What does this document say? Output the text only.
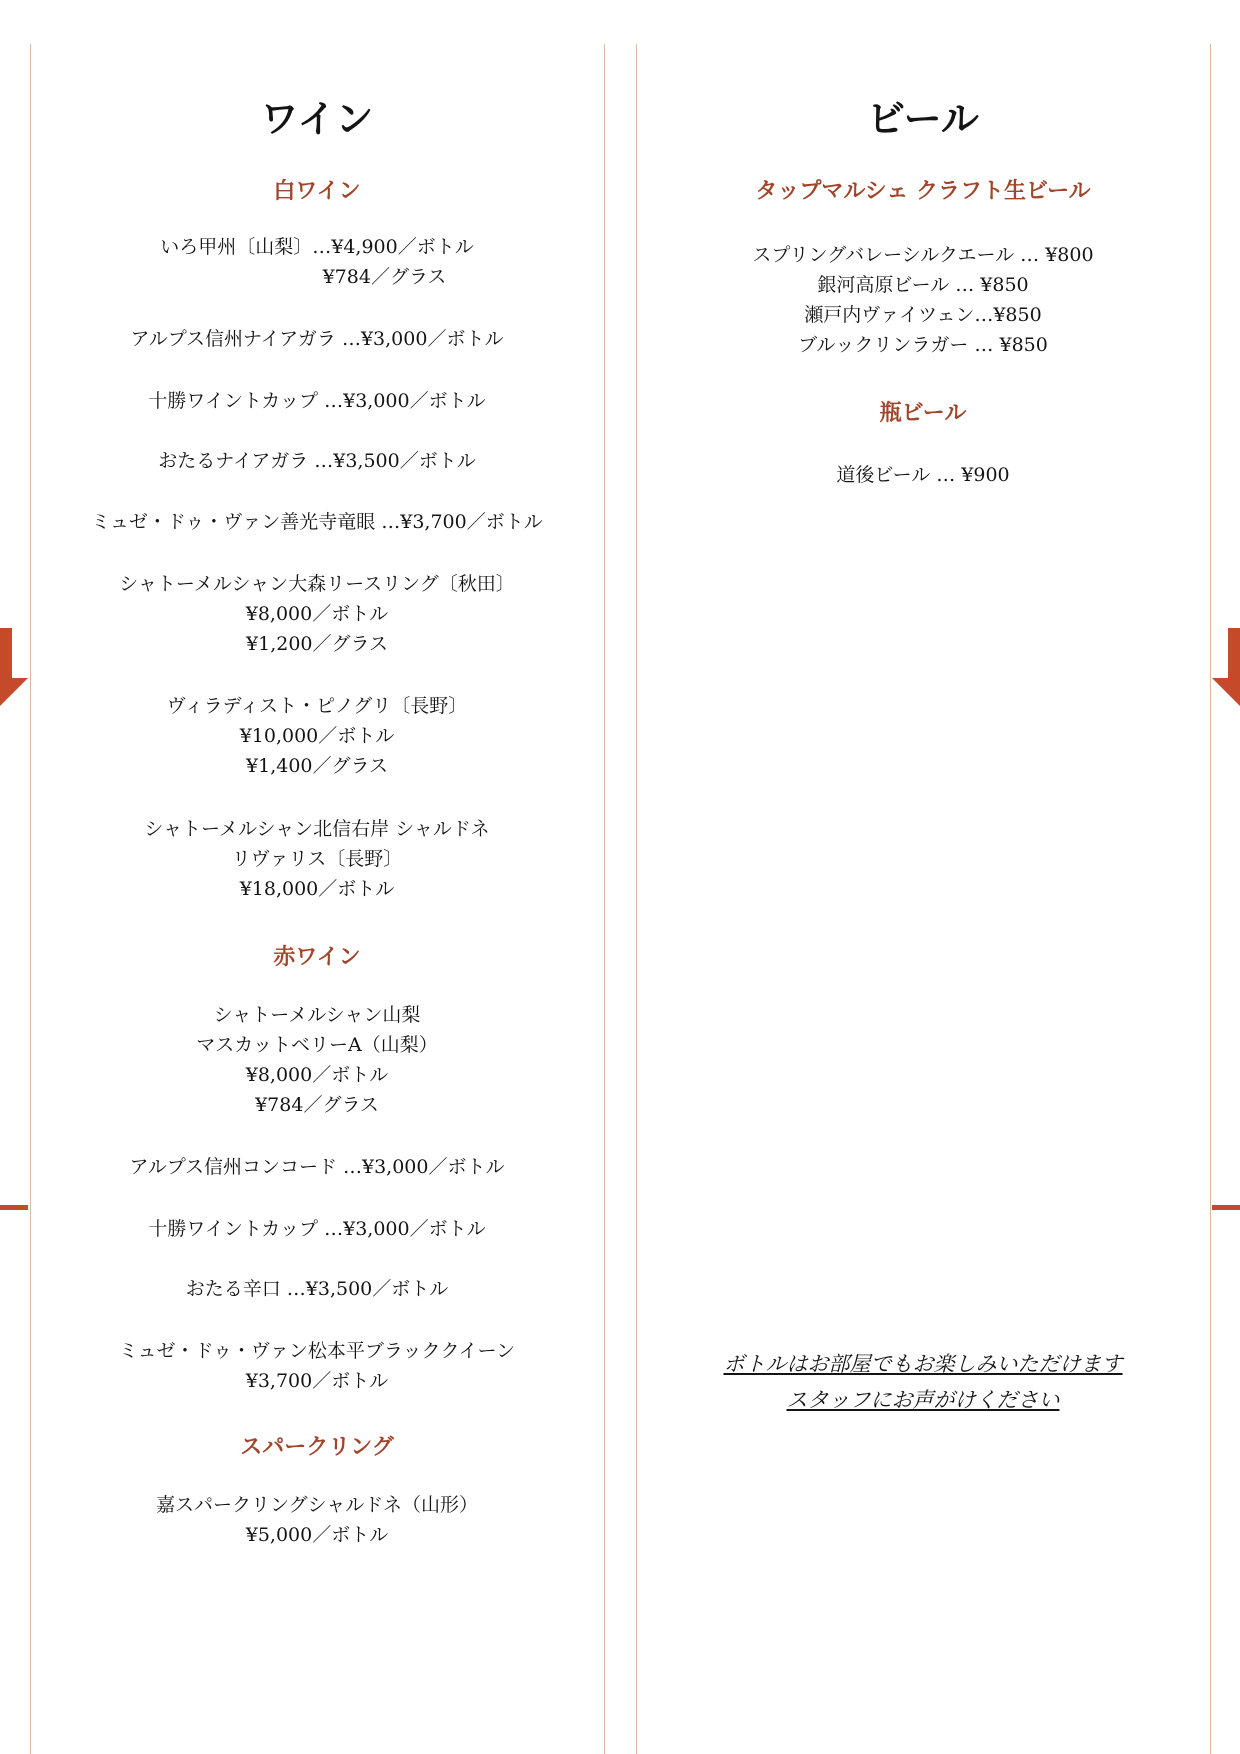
ワイン
白ワイン

いろ甲州〔山梨〕…¥4,900／ボトル

　　　　　¥784／グラス

アルプス信州ナイアガラ …¥3,000／ボトル

十勝ワイントカップ …¥3,000／ボトル

おたるナイアガラ …¥3,500／ボトル

ミュゼ・ドゥ・ヴァン善光寺竜眼 …¥3,700／ボトル

シャトーメルシャン大森リースリング〔秋田〕

¥8,000／ボトル

¥1,200／グラス

ヴィラディスト・ピノグリ〔長野〕

¥10,000／ボトル

¥1,400／グラス

シャトーメルシャン北信右岸 シャルドネ

リヴァリス〔長野〕

¥18,000／ボトル

赤ワイン

シャトーメルシャン山梨

マスカットベリーA（山梨）

¥8,000／ボトル

¥784／グラス

アルプス信州コンコード …¥3,000／ボトル

十勝ワイントカップ …¥3,000／ボトル

おたる辛口 …¥3,500／ボトル

ミュゼ・ドゥ・ヴァン松本平ブラッククイーン

¥3,700／ボトル

スパークリング

嘉スパークリングシャルドネ（山形）

¥5,000／ボトル

ビール
タップマルシェ クラフト生ビール

スプリングバレーシルクエール … ¥800

銀河高原ビール … ¥850

瀬戸内ヴァイツェン…¥850

ブルックリンラガー … ¥850

瓶ビール

道後ビール … ¥900

ボトルはお部屋でもお楽しみいただけます

スタッフにお声がけください
